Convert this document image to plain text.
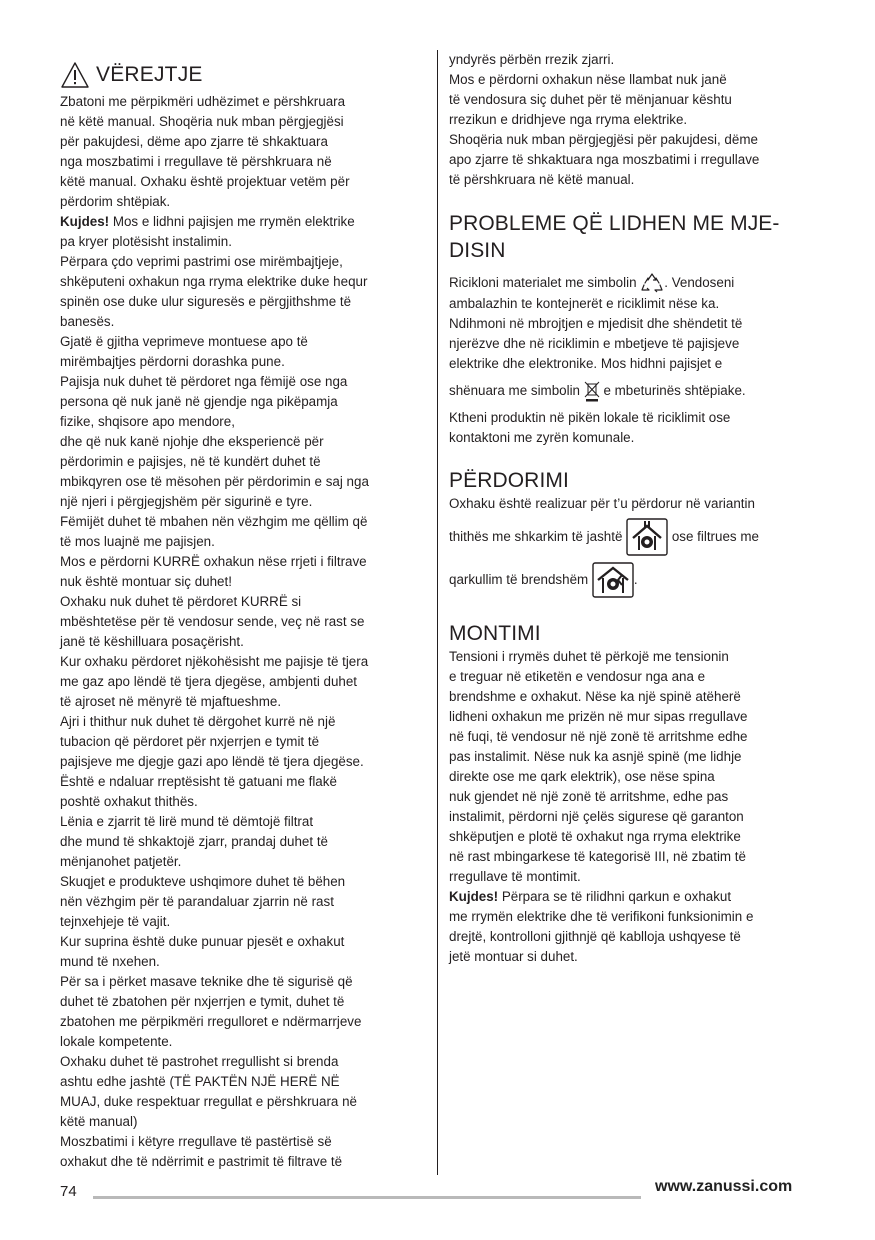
VËREJTJE

Zbatoni me përpikmëri udhëzimet e përshkruara
në këtë manual. Shoqëria nuk mban përgjegjësi
për pakujdesi, dëme apo zjarre të shkaktuara
nga moszbatimi i rregullave të përshkruara në
këtë manual. Oxhaku është projektuar vetëm për
përdorim shtëpiak.

Kujdes! Mos e lidhni pajisjen me rrymën elektrike

pa kryer plotësisht instalimin.
Përpara çdo veprimi pastrimi ose mirëmbajtjeje,
shkëputeni oxhakun nga rryma elektrike duke hequr
spinën ose duke ulur siguresës e përgjithshme të
banesës.
Gjatë ë gjitha veprimeve montuese apo të
mirëmbajtjes përdorni dorashka pune.
Pajisja nuk duhet të përdoret nga fëmijë ose nga
persona që nuk janë në gjendje nga pikëpamja
fizike, shqisore apo mendore,
dhe që nuk kanë njohje dhe eksperiencë për
përdorimin e pajisjes, në të kundërt duhet të
mbikqyren ose të mësohen për përdorimin e saj nga
një njeri i përgjegjshëm për sigurinë e tyre.
Fëmijët duhet të mbahen nën vëzhgim me qëllim që
të mos luajnë me pajisjen.
Mos e përdorni KURRË oxhakun nëse rrjeti i filtrave
nuk është montuar siç duhet!
Oxhaku nuk duhet të përdoret KURRË si
mbështetëse për të vendosur sende, veç në rast se
janë të këshilluara posaçërisht.
Kur oxhaku përdoret njëkohësisht me pajisje të tjera
me gaz apo lëndë të tjera djegëse, ambjenti duhet
të ajroset në mënyrë të mjaftueshme.
Ajri i thithur nuk duhet të dërgohet kurrë në një
tubacion që përdoret për nxjerrjen e tymit të
pajisjeve me djegje gazi apo lëndë të tjera djegëse.
Është e ndaluar rreptësisht të gatuani me flakë
poshtë oxhakut thithës.
Lënia e zjarrit të lirë mund të dëmtojë filtrat
dhe mund të shkaktojë zjarr, prandaj duhet të
mënjanohet patjetër.
Skuqjet e produkteve ushqimore duhet të bëhen
nën vëzhgim për të parandaluar zjarrin në rast
tejnxehjeje të vajit.
Kur suprina është duke punuar pjesët e oxhakut
mund të nxehen.
Për sa i përket masave teknike dhe të sigurisë që
duhet të zbatohen për nxjerrjen e tymit, duhet të
zbatohen me përpikmëri rregulloret e ndërmarrjeve
lokale kompetente.
Oxhaku duhet të pastrohet rregullisht si brenda
ashtu edhe jashtë (TË PAKTËN NJË HERË NË
MUAJ, duke respektuar rregullat e përshkruara në
këtë manual)
Moszbatimi i këtyre rregullave të pastërtisë së
oxhakut dhe të ndërrimit e pastrimit të filtrave të

yndyrës përbën rrezik zjarri.
Mos e përdorni oxhakun nëse llambat nuk janë
të vendosura siç duhet për të mënjanuar kështu
rrezikun e dridhjeve nga rryma elektrike.
Shoqëria nuk mban përgjegjësi për pakujdesi, dëme
apo zjarre të shkaktuara nga moszbatimi i rregullave
të përshkruara në këtë manual.

PROBLEME QË LIDHEN ME MJE-
DISIN

Ricikloni materialet me simbolin . Vendoseni

ambalazhin te kontejnerët e riciklimit nëse ka.

Ndihmoni në mbrojtjen e mjedisit dhe shëndetit të

njerëzve dhe në riciklimin e mbetjeve të pajisjeve

elektrike dhe elektronike. Mos hidhni pajisjet e

shënuara me simbolin  e mbeturinës shtëpiake.

Ktheni produktin në pikën lokale të riciklimit ose

kontaktoni me zyrën komunale.

PËRDORIMI

Oxhaku është realizuar për t’u përdorur në variantin

thithës me shkarkim të jashtë	ose filtrues me

qarkullim të brendshëm	.

MONTIMI

Tensioni i rrymës duhet të përkojë me tensionin
e treguar në etiketën e vendosur nga ana e
brendshme e oxhakut. Nëse ka një spinë atëherë
lidheni oxhakun me prizën në mur sipas rregullave
në fuqi, të vendosur në një zonë të arritshme edhe
pas instalimit. Nëse nuk ka asnjë spinë (me lidhje
direkte ose me qark elektrik), ose nëse spina
nuk gjendet në një zonë të arritshme, edhe pas
instalimit, përdorni një çelës sigurese që garanton
shkëputjen e plotë të oxhakut nga rryma elektrike
në rast mbingarkese të kategorisë III, në zbatim të
rregullave të montimit.

Kujdes! Përpara se të rilidhni qarkun e oxhakut

me rrymën elektrike dhe të verifikoni funksionimin e
drejtë, kontrolloni gjithnjë që kablloja ushqyese të
jetë montuar si duhet.

74	www.zanussi.com
